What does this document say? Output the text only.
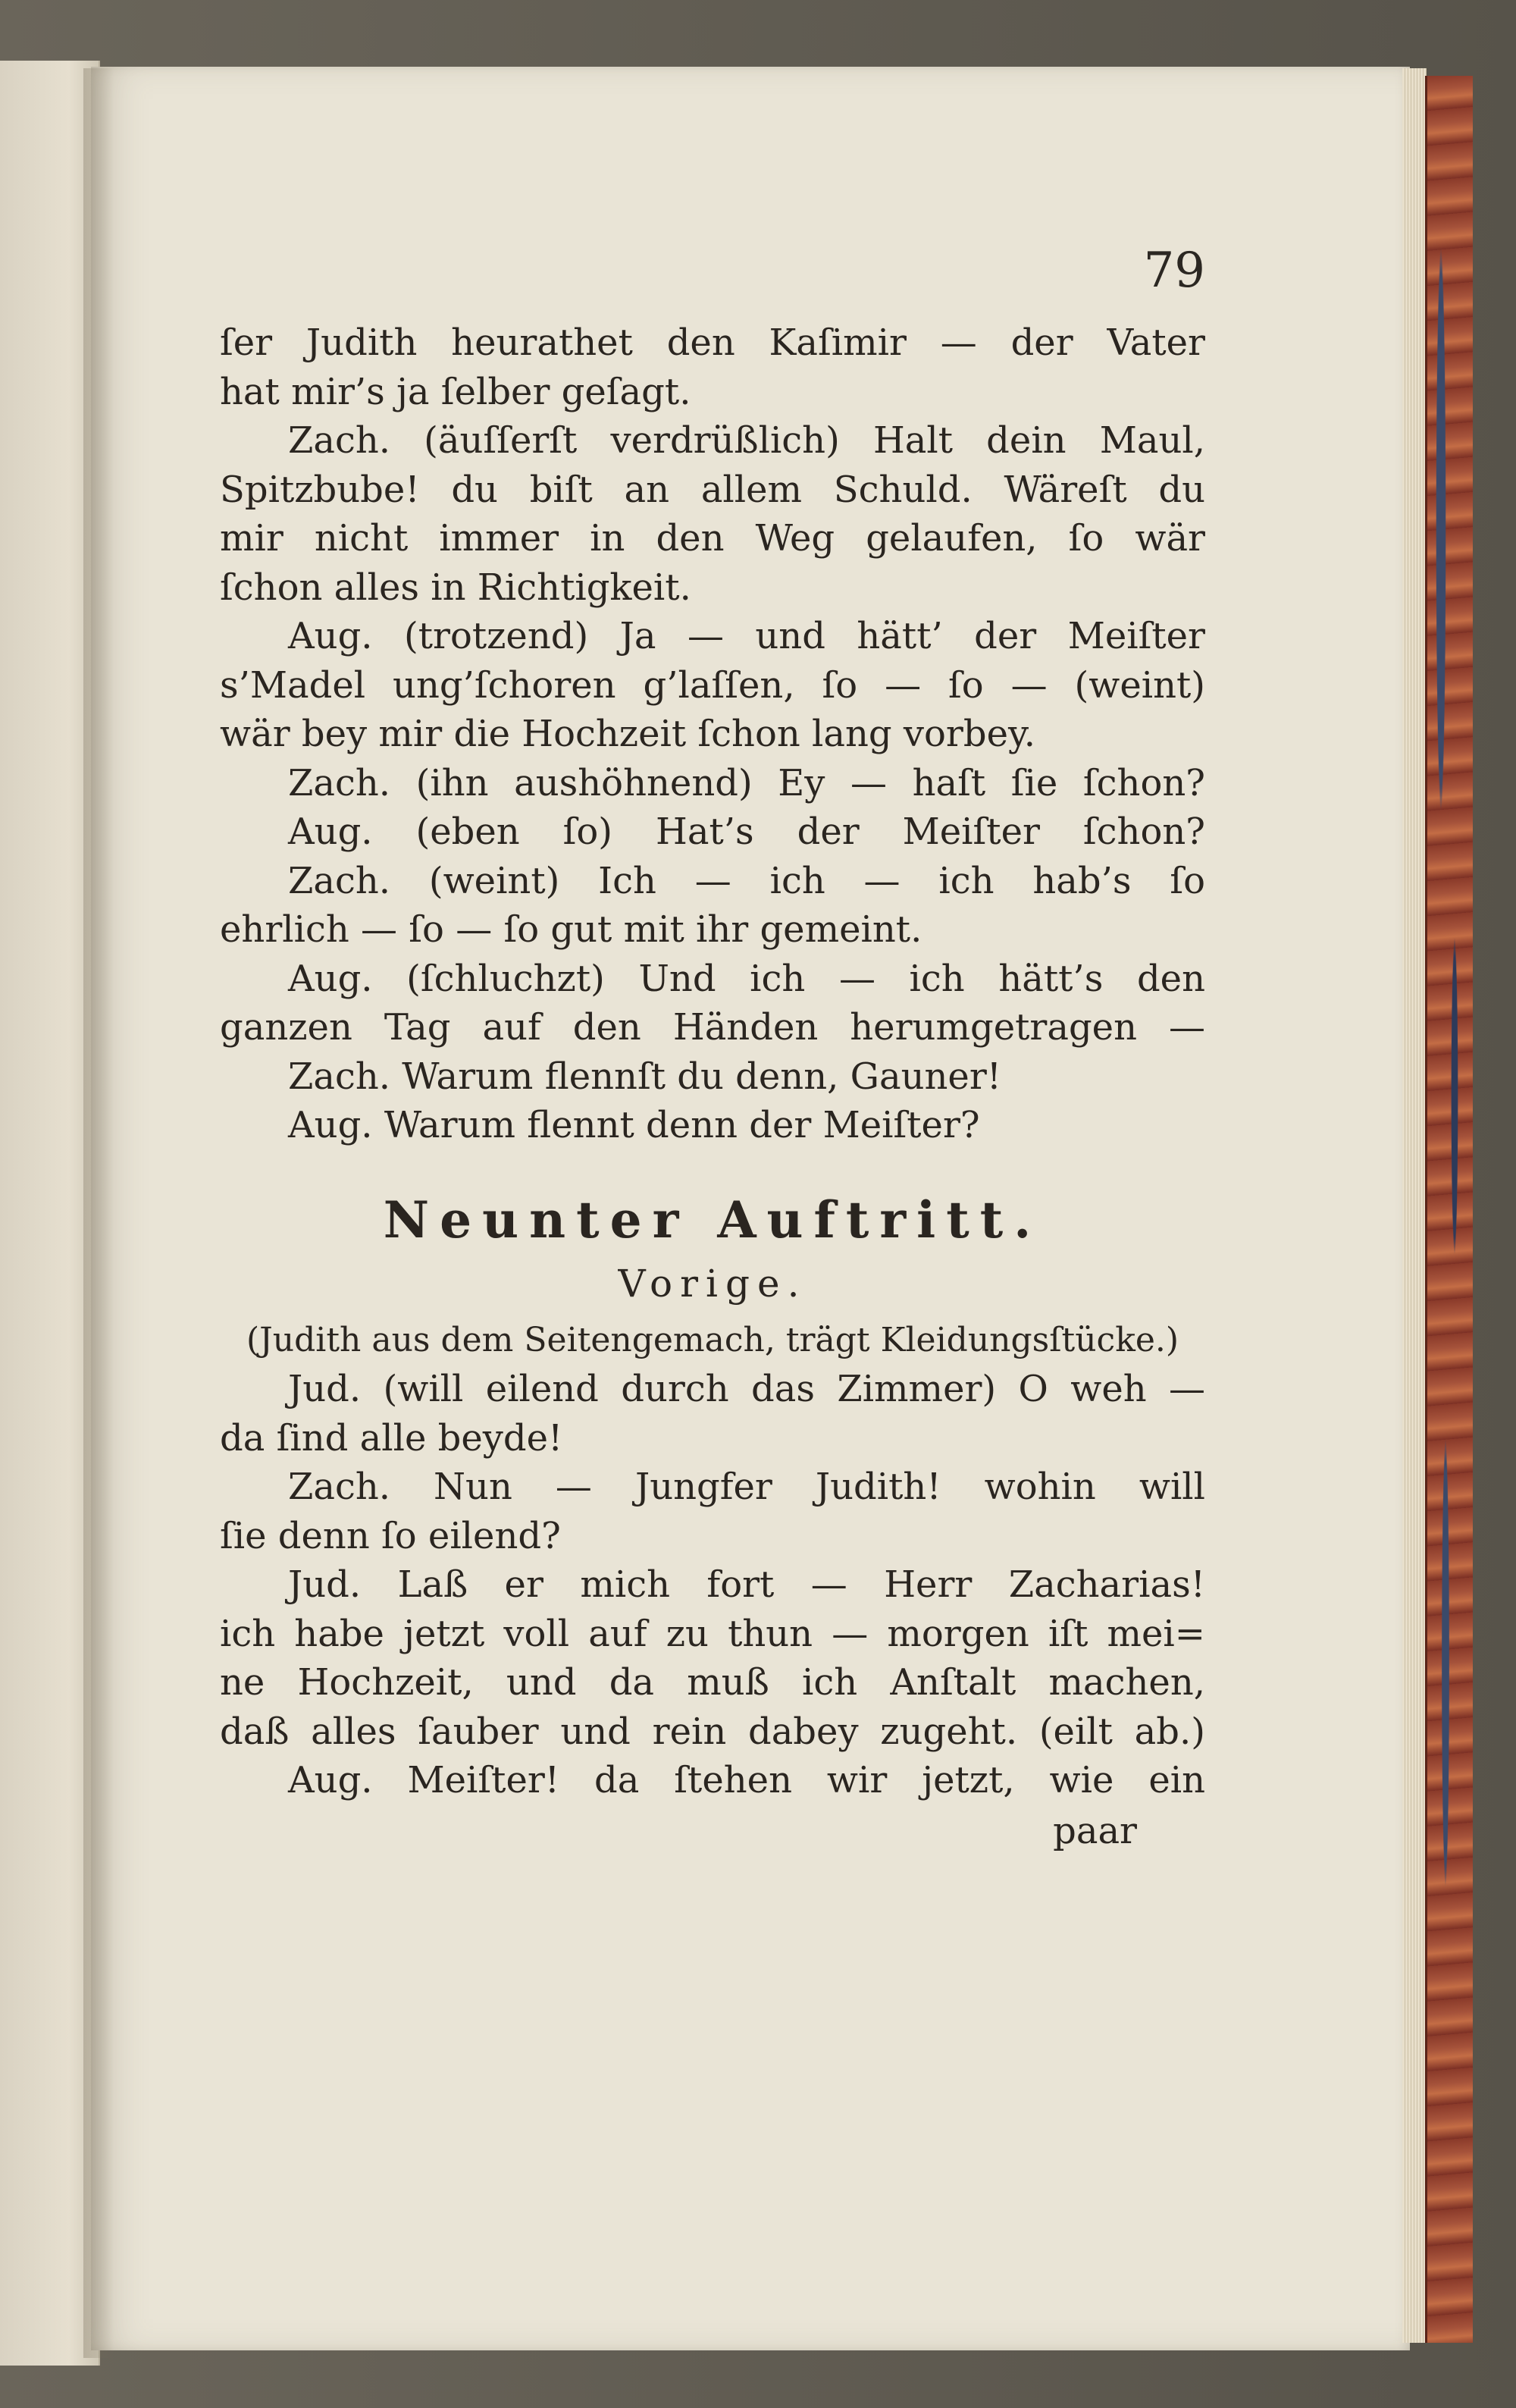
79
ſer Judith heurathet den Kaſimir — der Vater
hat mir’s ja ſelber geſagt.
Zach. (äuſſerſt verdrüßlich) Halt dein Maul,
Spitzbube! du biſt an allem Schuld. Wäreſt du
mir nicht immer in den Weg gelaufen, ſo wär
ſchon alles in Richtigkeit.
Aug. (trotzend) Ja — und hätt’ der Meiſter
s’Madel ung’ſchoren g’laſſen, ſo — ſo — (weint)
wär bey mir die Hochzeit ſchon lang vorbey.
Zach. (ihn aushöhnend) Ey — haſt ſie ſchon?
Aug. (eben ſo) Hat’s der Meiſter ſchon?
Zach. (weint) Ich — ich — ich hab’s ſo
ehrlich — ſo — ſo gut mit ihr gemeint.
Aug. (ſchluchzt) Und ich — ich hätt’s den
ganzen Tag auf den Händen herumgetragen —
Zach. Warum flennſt du denn, Gauner!
Aug. Warum flennt denn der Meiſter?
Neunter Auftritt.
Vorige.
(Judith aus dem Seitengemach, trägt Kleidungsſtücke.)
Jud. (will eilend durch das Zimmer) O weh —
da ſind alle beyde!
Zach. Nun — Jungfer Judith! wohin will
ſie denn ſo eilend?
Jud. Laß er mich fort — Herr Zacharias!
ich habe jetzt voll auf zu thun — morgen iſt mei=
ne Hochzeit, und da muß ich Anſtalt machen,
daß alles ſauber und rein dabey zugeht. (eilt ab.)
Aug. Meiſter! da ſtehen wir jetzt, wie ein
paar
